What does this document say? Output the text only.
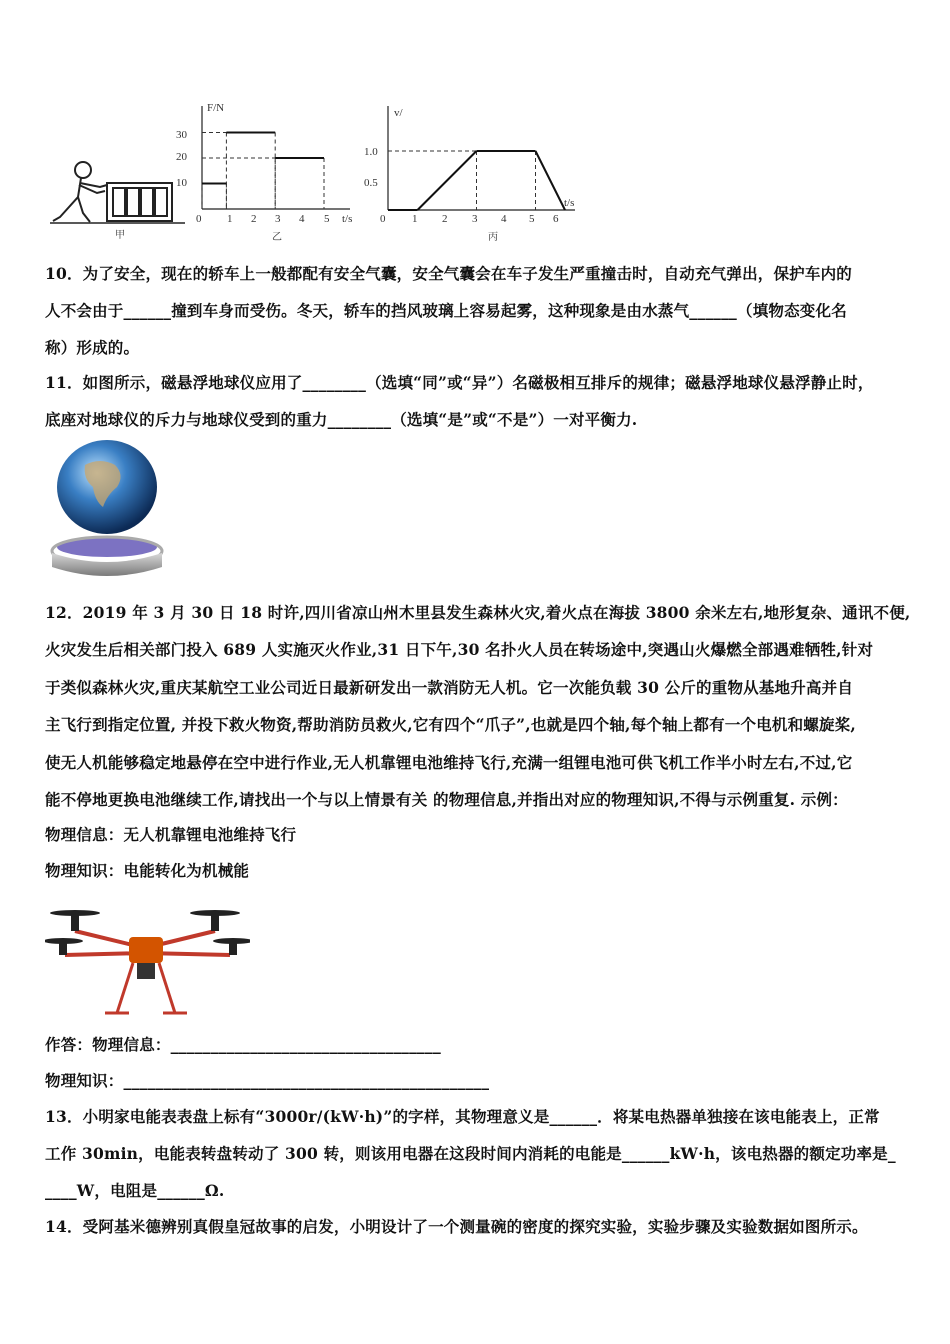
甲
F/N
t/s
30
20
10
0 1 2 3 4 5
乙
v/
t/s
1.0
0.5
0 1 2 3 4 5 6
丙
10．为了安全，现在的轿车上一般都配有安全气囊，安全气囊会在车子发生严重撞击时，自动充气弹出，保护车内的
人不会由于______撞到车身而受伤。冬天，轿车的挡风玻璃上容易起雾，这种现象是由水蒸气______（填物态变化名
称）形成的。
11．如图所示，磁悬浮地球仪应用了________（选填“同”或“异”）名磁极相互排斥的规律；磁悬浮地球仪悬浮静止时，
底座对地球仪的斥力与地球仪受到的重力________（选填“是”或“不是”）一对平衡力.
12．2019 年 3 月 30 日 18 时许,四川省凉山州木里县发生森林火灾,着火点在海拔 3800 余米左右,地形复杂、通讯不便,
火灾发生后相关部门投入 689 人实施灭火作业,31 日下午,30 名扑火人员在转场途中,突遇山火爆燃全部遇难牺牲,针对
于类似森林火灾,重庆某航空工业公司近日最新研发出一款消防无人机。它一次能负载 30 公斤的重物从基地升高并自
主飞行到指定位置, 并投下救火物资,帮助消防员救火,它有四个“爪子”,也就是四个轴,每个轴上都有一个电机和螺旋桨,
使无人机能够稳定地悬停在空中进行作业,无人机靠锂电池维持飞行,充满一组锂电池可供飞机工作半小时左右,不过,它
能不停地更换电池继续工作,请找出一个与以上情景有关 的物理信息,并指出对应的物理知识,不得与示例重复. 示例：
物理信息：无人机靠锂电池维持飞行
物理知识：电能转化为机械能
作答：物理信息：__________________________________
物理知识：______________________________________________
13．小明家电能表表盘上标有“3000r/(kW·h)”的字样，其物理意义是______．将某电热器单独接在该电能表上，正常
工作 30min，电能表转盘转动了 300 转，则该用电器在这段时间内消耗的电能是______kW·h，该电热器的额定功率是_
____W，电阻是______Ω.
14．受阿基米德辨别真假皇冠故事的启发，小明设计了一个测量碗的密度的探究实验，实验步骤及实验数据如图所示。
